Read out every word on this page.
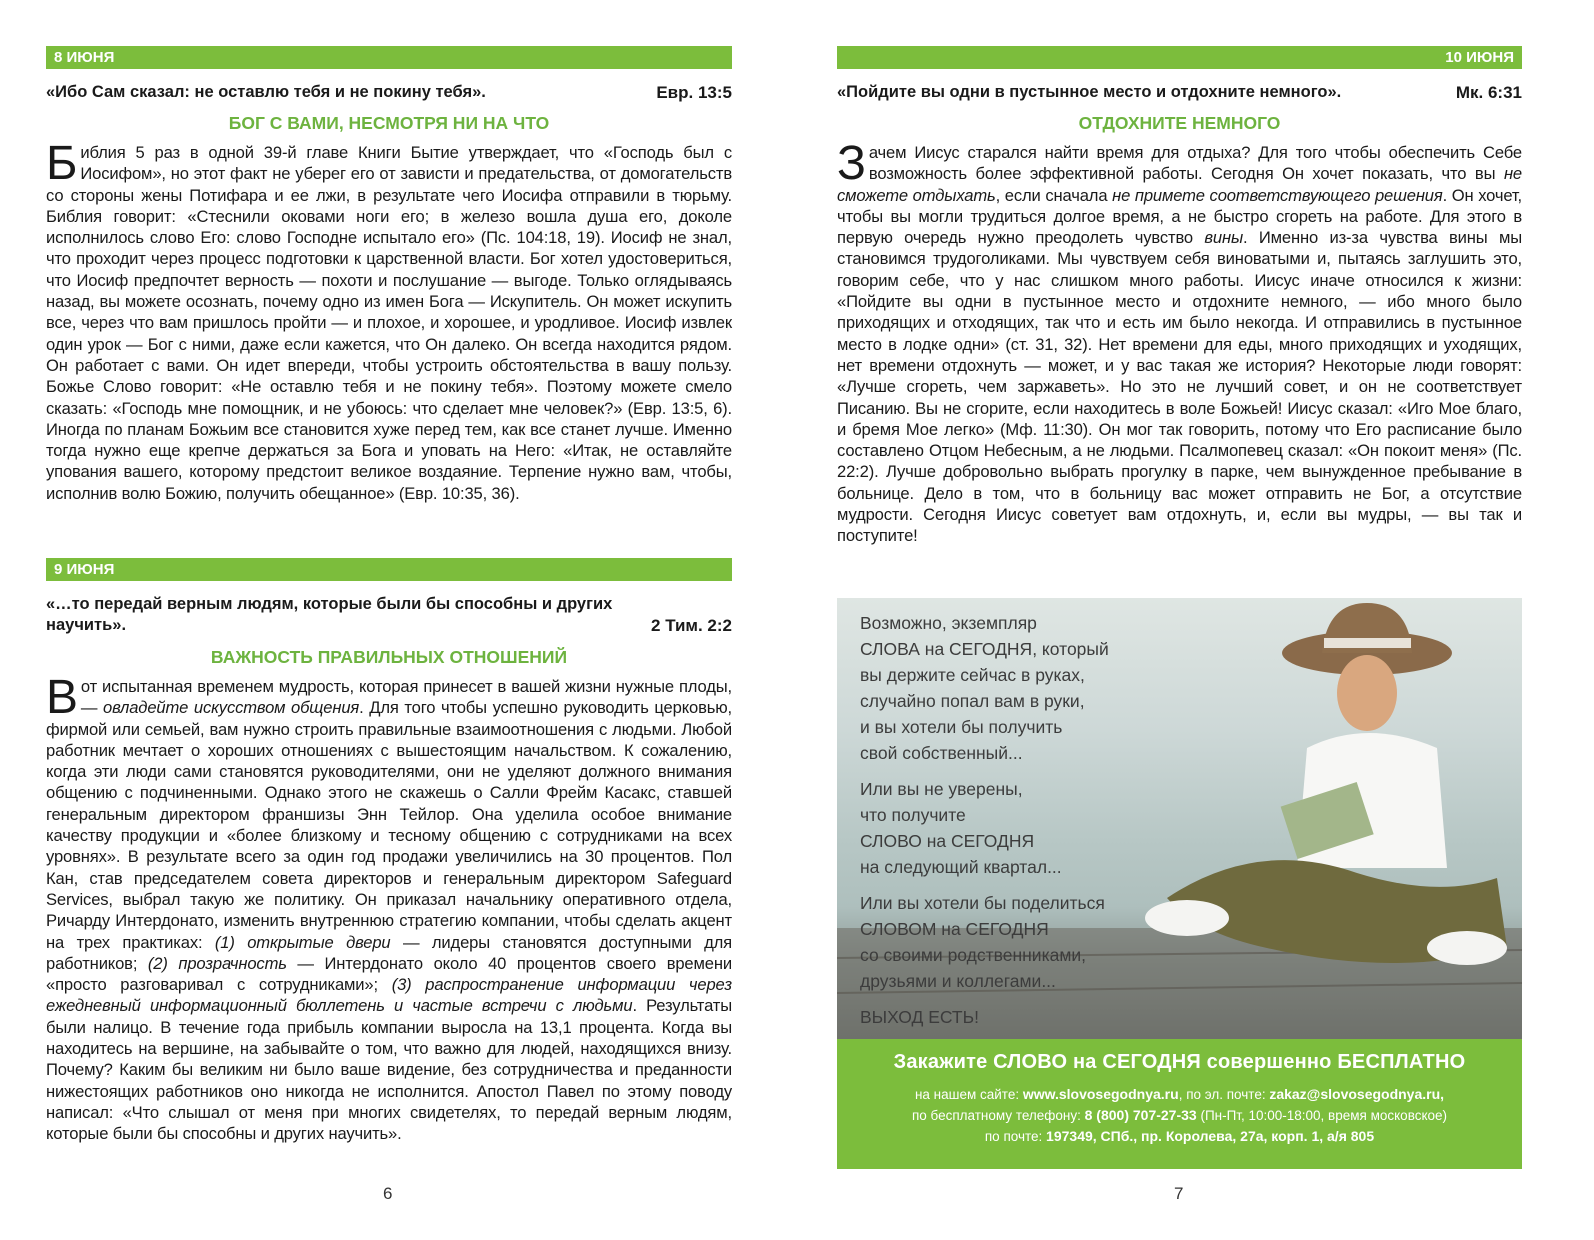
8 ИЮНЯ
«Ибо Сам сказал: не оставлю тебя и не покину тебя».	Евр. 13:5
БОГ С ВАМИ, НЕСМОТРЯ НИ НА ЧТО

Библия 5 раз в одной 39-й главе Книги Бытие утверждает, что «Господь был с Иосифом», но этот факт не уберег его от зависти и предательства, от домогательств со стороны жены Потифара и ее лжи, в результате чего Иосифа отправили в тюрьму. Библия говорит: «Стеснили оковами ноги его; в железо вошла душа его, доколе исполнилось слово Его: слово Господне испытало его» (Пс. 104:18, 19). Иосиф не знал, что проходит через процесс подготовки к царственной власти. Бог хотел удостовериться, что Иосиф предпочтет верность — похоти и послушание — выгоде. Только оглядываясь назад, вы можете осознать, почему одно из имен Бога — Искупитель. Он может искупить все, через что вам пришлось пройти — и плохое, и хорошее, и уродливое. Иосиф извлек один урок — Бог с ними, даже если кажется, что Он далеко. Он всегда находится рядом. Он работает с вами. Он идет впереди, чтобы устроить обстоятельства в вашу пользу. Божье Слово говорит: «Не оставлю тебя и не покину тебя». Поэтому можете смело сказать: «Господь мне помощник, и не убоюсь: что сделает мне человек?» (Евр. 13:5, 6). Иногда по планам Божьим все становится хуже перед тем, как все станет лучше. Именно тогда нужно еще крепче держаться за Бога и уповать на Него: «Итак, не оставляйте упования вашего, которому предстоит великое воздаяние. Терпение нужно вам, чтобы, исполнив волю Божию, получить обещанное» (Евр. 10:35, 36).

9 ИЮНЯ
«…то передай верным людям, которые были бы способны и других научить».	2 Тим. 2:2
ВАЖНОСТЬ ПРАВИЛЬНЫХ ОТНОШЕНИЙ

Вот испытанная временем мудрость, которая принесет в вашей жизни нужные плоды, — овладейте искусством общения. Для того чтобы успешно руководить церковью, фирмой или семьей, вам нужно строить правильные взаимоотношения с людьми. Любой работник мечтает о хороших отношениях с вышестоящим начальством. К сожалению, когда эти люди сами становятся руководителями, они не уделяют должного внимания общению с подчиненными. Однако этого не скажешь о Салли Фрейм Касакс, ставшей генеральным директором франшизы Энн Тейлор. Она уделила особое внимание качеству продукции и «более близкому и тесному общению с сотрудниками на всех уровнях». В результате всего за один год продажи увеличились на 30 процентов. Пол Кан, став председателем совета директоров и генеральным директором Safeguard Services, выбрал такую же политику. Он приказал начальнику оперативного отдела, Ричарду Интердонато, изменить внутреннюю стратегию компании, чтобы сделать акцент на трех практиках: (1) открытые двери — лидеры становятся доступными для работников; (2) прозрачность — Интердонато около 40 процентов своего времени «просто разговаривал с сотрудниками»; (3) распространение информации через ежедневный информационный бюллетень и частые встречи с людьми. Результаты были налицо. В течение года прибыль компании выросла на 13,1 процента. Когда вы находитесь на вершине, на забывайте о том, что важно для людей, находящихся внизу. Почему? Каким бы великим ни было ваше видение, без сотрудничества и преданности нижестоящих работников оно никогда не исполнится. Апостол Павел по этому поводу написал: «Что слышал от меня при многих свидетелях, то передай верным людям, которые были бы способны и других научить».

6
10 ИЮНЯ
«Пойдите вы одни в пустынное место и отдохните немного».	Мк. 6:31
ОТДОХНИТЕ НЕМНОГО

Зачем Иисус старался найти время для отдыха? Для того чтобы обеспечить Себе возможность более эффективной работы. Сегодня Он хочет показать, что вы не сможете отдыхать, если сначала не примете соответствующего решения. Он хочет, чтобы вы могли трудиться долгое время, а не быстро сгореть на работе. Для этого в первую очередь нужно преодолеть чувство вины. Именно из-за чувства вины мы становимся трудоголиками. Мы чувствуем себя виноватыми и, пытаясь заглушить это, говорим себе, что у нас слишком много работы. Иисус иначе относился к жизни: «Пойдите вы одни в пустынное место и отдохните немного, — ибо много было приходящих и отходящих, так что и есть им было некогда. И отправились в пустынное место в лодке одни» (ст. 31, 32). Нет времени для еды, много приходящих и уходящих, нет времени отдохнуть — может, и у вас такая же история? Некоторые люди говорят: «Лучше сгореть, чем заржаветь». Но это не лучший совет, и он не соответствует Писанию. Вы не сгорите, если находитесь в воле Божьей! Иисус сказал: «Иго Мое благо, и бремя Мое легко» (Мф. 11:30). Он мог так говорить, потому что Его расписание было составлено Отцом Небесным, а не людьми. Псалмопевец сказал: «Он покоит меня» (Пс. 22:2). Лучше добровольно выбрать прогулку в парке, чем вынужденное пребывание в больнице. Дело в том, что в больницу вас может отправить не Бог, а отсутствие мудрости. Сегодня Иисус советует вам отдохнуть, и, если вы мудры, — вы так и поступите!

Возможно, экземпляр
СЛОВА на СЕГОДНЯ, который
вы держите сейчас в руках,
случайно попал вам в руки,
и вы хотели бы получить
свой собственный...

Или вы не уверены,
что получите
СЛОВО на СЕГОДНЯ
на следующий квартал...

Или вы хотели бы поделиться
СЛОВОМ на СЕГОДНЯ
со своими родственниками,
друзьями и коллегами...

ВЫХОД ЕСТЬ!

Закажите СЛОВО на СЕГОДНЯ совершенно БЕСПЛАТНО
на нашем сайте: www.slovosegodnya.ru, по эл. почте: zakaz@slovosegodnya.ru,
по бесплатному телефону: 8 (800) 707-27-33 (Пн-Пт, 10:00-18:00, время московское)
по почте: 197349, СПб., пр. Королева, 27а, корп. 1, а/я 805
7
